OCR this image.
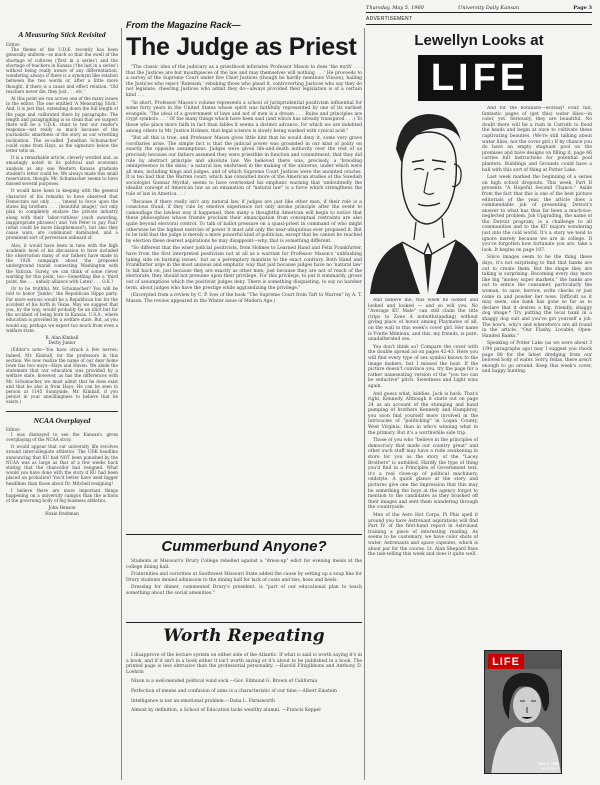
Thursday, May 5, 1960	University Daily Kansan	Page 3
ADVERTISEMENT
A Measuring Stick Revisited
Editor:

The theme of the U.D.K. recently has been generally uniform—so much so that the swell of the shortage of cultures ('first in a series') and the shortage of teachers in Kansas ('the last in a series') without being really aware of any differentiation, wondering always if there is a synonym like relation between the two words or, after a little more thought, if there is a cause and effect relation. 'Old teachers never die, they just . . . etc.'

At this point we run across one of the many issues in the editor. The one entitled 'A Measuring Stick.' And, it is just that, extending down the full length of the page and calibrated there by paragraphs. The length and paragraphing is so clean that we suspect there will be a U.D.K. stunt to test our reader's response—not really so much because of the journalistic smartness of the story as our wrestling inclination. The so-called 'Jonathan Schumacher' could come from Hays, as the signature below the letter tells us.

It is a remarkable article, cleverly worded and, as amazingly noted in its political and economic analysis as any one Western Kansas graduate student's letter could be. We always made this small reservation, though: Mr. Schumacher seems to have missed several purposes.

It would have been in keeping with the general character of his remarks to have observed that Democrats not only . . . 'intend to force upon the states big brothers . . . (beautiful image),' not only plan to completely enslave the private industry along with their 'labor-ruthless' (such awarding, inappropriate phrases!) and 'rob Peter to pay Paul' (what could be more blasphemous?), but also they cause wars, are communist dominated, and a prominent sort of perversion unheard of.

Also, it would have been in tune with the high academic level of his discussion to have included the observation many of our fathers have made in the 1928 campaign about the proposed underground tunnel connecting Washington with the Vatican. Surely, we can think of some clever wording for this point, too—Something like a 'third point, the . . . unholy alliance with Latex' . . . O.K.?

Or to be truthful, Mr. Schumacher? You will be told to honor 'Jumbo,' the Republican Hippo party. Far more serious would be a Republican but for the accident of his birth in Texas. May we suggest that you, by the way, would probably be an idiot but for the accident of being born in Kansas. U.S.A., where education is provided by a welfare state. But, as you would say, perhaps we expect too much from even a welfare state.

B. Alan Kimball
Derby Junior
(Editor's note—You have struck a few nerves; indeed, Mr. Kimball, for the professors in this section. We now realize the name of our dear home town has two ways—Hays and Haven. We abide the statement that our education was provided by a welfare state, however, as has the differences with Mr. Schumacher, we must admit that he does exist and that he also is from Hays. He can be seen in person at 1145 Sunnyside, Mr. Kimball, if you persist in your unwillingness to believe that he exists.)
NCAA Overplayed
Editor:

I was dismayed to see the Kansan's gross overplaying of the NCAA story.

It would appear that our university life revolves around intercollegiate athletics. The UDK headline announcing that KU had NOT been punished by the NCAA was as large as that of a few weeks back stating that the chancellor had resigned. What would you have done with the story if KU had been placed on probation? You'd better have used bigger headlines than those about Dr. Mitchell resigning!

I believe there are more important things happening on a university campus than the actions of the governing body of big business athletics.

John Henson
Hoxie freshman
From the Magazine Rack—
The Judge as Priest

"The classic idea of the judiciary as a priesthood infuriates Professor Mason to does 'the myth' . . . that the Justices are but mouthpieces of the law and may themselves will nothing . . .' He proceeds to a survey of the Supreme Court under five Chief Justices (though he hardly mentions Vinson), hailing the Justices who reject 'Robeism,' rebuking those who plead it, controverting Justices who say they do not legislate, cheering Justices who admit they do—always provided their legislation is of a certain kind . . .

"In short, Professor Mason's volume represents a school of jurisprudential positivism influential for some forty years in the United States whose spirit was faithfully represented by one of its earliest evangels: 'The ideal of a government of laws and not of men is a dream . . . Rules and principles are crypt symbols . . .' Of the many things which have been said (and which has already transpired . . .) To those who place more faith in fact than fables it seems a distinct advance, for which we are indebted among others to Mr. Justice Holmes, that legal science is slowly being washed with cynical acid."

"But all this is true, and Professor Mason gives little hint that he would deny it, some very grave corollaries arise. The simple fact is that the judicial power was grounded in our kind of polity on exactly the opposite assumptions. Judges were given life-and-death authority over the rest of us precisely because our fathers assumed they were priestlike in function and commitment, that they did rule by abstract principle and absolute law. We believed there was, precisely, a 'brooding omnipresence in the skies,' a natural law, enshrined in the making of the universe, under which were all men, including kings and judges, and of which Supreme Court Justices were the anointed oracles. It is too bad that the Warren court, which has consulted more of the American studies of the Swedish sociologist Gunnar Myrdal, seems to have overlooked his emphatic warning that 'undoubtedly the idealist concept of American law as an emanation of "natural law" is a force which strengthens the rule of law in America . . .'

"Because if there really isn't any natural law, if judges are just like other men, if their role is a conscious fraud, if they rule by emotive experience not only invoke principle after the event to camouflage the lawless way it happened, then many a thoughtful American will begin to notice that these philosophies whose friends proclaim their emancipation from conceptual restraints are also quite beyond electoral control. To talk of ballot pressure on a quasi-priest in command of who might otherwise be the highest exercise of power it must add only the near-ubiquitous ever proposed it. But to be told that the judge is merely a more powerful kind of politician, except that he cannot be reached by election these dearest aspirations he may disappoint—why, that is something different.

"So different that the wiser judicial positivists, from Holmes to Learned Hand and Felix Frankfurter, have from the first interpreted positivism not at all as a warrant for Professor Mason's 'unblushing taking side on burning issues,' but as a peremptory mandate to the exact contrary. Both Hand and Frankfurter urge in the most anxious and emphatic way that just because judges have no 'natural law' to fall back on, just because they are exactly as other men, just because they are not of reach of the electorate, they should not presume upon their privilege. For this privilege, to put it summarily, grows out of assumptions which the positivist judges deny. There is something disquieting, to say no harsher term, about judges who have the prestige while aggrandizing the privilege."

(Excerpted from a review by C. P. Ives of the book "The Supreme Court from Taft to Warren" by A. T. Mason. The review appeared in the Winter issue of Modern Age.)

Cummerbund Anyone?

Students at Missouri's Drury College rebelled against a "dress-up" edict for evening meals at the college dining hall.

Fraternities and sororities at Southwest Missouri State added the cause by setting up a soup line for Drury students denied admission to the dining hall for lack of coats and ties, hose and heels.

Dressing for dinner, commented Drury's president, is "part of our educational plan to teach something about the social amenities."

Worth Repeating

I disapprove of the lecture system on either side of the Atlantic. If what is said is worth saying it's in a book, and if it isn't in a book either it isn't worth saying or it's about to be published in a book. The printed page is less obtrusive than the professorial personality. —Harold Fitzgibbons and Anthony D. Loehrin

Nixon is a well-mended political wind sock.—Gov. Edmund G. Brown of California

Perfection of means and confusion of aims is a characteristic of our time.—Albert Einstein

Intelligence is not an emotional problem.—Dana L. Farnsworth

Almost by definition, a School of Education lacks wealthy alumni. —Francis Keppel

Lewellyn Looks at
LIFE

And believe me, this week he looked and looked and looked — and so will you. No "Average KU Male" can still claim the title (trips to Zone A notwithstanding) without giving place of honor among Playmates of all, on the wall to this week's cover girl. Her name is Yvette Mimieux, and this, my friends, is pure, unadulterated sex.

You don't think so? Compare the cover with the double spread ad on pages 42-43. Here you will find every type of sex symbol known to the image makers, but I missed the boat. If the picture doesn't convince you, try the page for a rather naueseating version of the "you too can be seductive" pitch. Sweetness and Light wins again.

And guess what, kiddies. Jack is back. That's right, Kennedy. Although it starts out on page 24 as an account of the stumping and hand pumping of brothers Kennedy and Humphrey, you soon find yourself more involved in the intricacies of "politicking" in Logan County, West Virginia, than in who's winning what in the primary. But it's a worthwhile side trip.

Those of you who "believe in the principles of democracy that made our country great" and other such stuff may have a rude awakening in store for you as the story of the "Lacey Brothers" is unfolded. Hardly the type of thing you'd find in a Principles of Government text, it's a real close-up of political machinery, oddstyle. A quick glance at the story and pictures give one the impression that this may be something the boys at the agency forgot to mention to the candidates as they brushed off their images and sent them wandering through the countryside.

Men of the Aero Hot Corps, Pi Phis spell it around you have Astronaut aspirations will find Part IV of the first-hand report in Astronaut training a piece of interesting reading. As seems to be customary, we have color shots of water, Astronauts and space capsules, which is about par for the course. Lt. Alan Shepard fixes the tale-telling this week and does it quite well.

And for the botanists—ecstasy! Four, full, fantastic pages of (get this) water lilies—in color, yet. Seriously, they are beautiful. No doubt there will be a rush in Carruth to flood the heads and begin at once to cultivate these captivating beauties. (We're still talking about water lilies, not the cover girl.) If by chance you do have an empty stagnant pool on the premises and have designs on filling it, page 66 carries full instructions for potential pool planters. Buildings and Grounds could have a ball with this sort of thing at Potter Lake.

Last week marked the beginning of a series on high school dropouts. This week, Part II presents "A Hopeful Second Chance." Aside from the fact that this is one of the best picture editorials of the year, the article does a commendable job of presenting Detroit's answer to what has thus far been a much-too-neglected problem. Job Upgrading, the name of the Detroit program, is a challenge to all communities and to the KU majors wondering just into the cold world. It's a story we tend to ignore merely because we are in college. If you've forgotten how fortunate you are, take a look. It begins on page 107.

Since images seem to be the thing these days, it's not surprising to find that banks are out to create them. But the shape they are taking is surprising. Becoming every day more like big "money super markets," the banks are out to entice the consumer, particularly the woman, to save, borrow, write checks or just come in and powder her nose. Difficult as it may seem, one bank has gone so far as to declare that it desires a big, friendly, shaggy dog image.* Try putting the local bank in a shaggy dog suit and you've got yourself a job. The how's, why's and wherefore's are all found in the article, "Our Flashy, Lovable, Open-Handed Banks."

Speaking of Potter Lake (as we were about 3 1/94 paragraphs ago) may I suggest you check page 88 for the latest dredging from our beloved body of water. Sorry, fellas, there aren't enough to go around. Keep this week's cover, and happy hunting.

LIFE
MAY 2, 1960
20 CENTS
